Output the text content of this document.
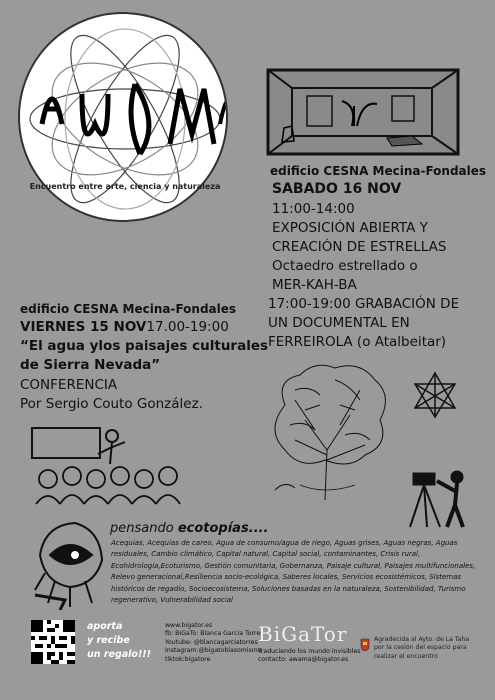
Encuentro entre arte, ciencia y naturaleza
edificio CESNA Mecina-Fondales
SABADO 16 NOV
11:00-14:00
EXPOSICIÓN ABIERTA Y
CREACIÓN DE ESTRELLAS
Octaedro estrellado o
MER-KAH-BA
17:00-19:00 GRABACIÓN DE
UN DOCUMENTAL EN
FERREIROLA (o Atalbeitar)
edificio CESNA Mecina-Fondales
VIERNES 15 NOV17.00-19:00
“El agua ylos paisajes culturales
de Sierra Nevada”
CONFERENCIA
Por Sergio Couto González.
pensando ecotopías....
Acequias, Acequias de careo, Agua de consumo/agua de riego, Aguas grises, Aguas negras, Aguas residuales, Cambio climático, Capital natural, Capital social, contaminantes, Crisis rural, Ecohidrología,Ecoturismo, Gestión comunitaria, Gobernanza, Paisaje cultural, Paisajes multifuncionales, Relevo generacional,Resiliencia socio-ecológica, Saberes locales, Servicios ecosistémicos, Sistemas históricos de regadío, Socioecosistema, Soluciones basadas en la naturaleza, Sostenibilidad, Turismo regenerativo, Vulnerabilidad social
aporta
y recibe
un regalo!!!
www.bigator.es
fb: BiGaTo: Blanca García Torres
Youtube: @blancagarciatorres
Instagram:@bigatoblasomismo
tiktok:bigatore
BiGaTor
Traduciendo los mundo invisibles
contacto: awama@bigator.es
Agradecida al Ayto. de La Taha
por la cesión del espacio para
realizar el encuentro
